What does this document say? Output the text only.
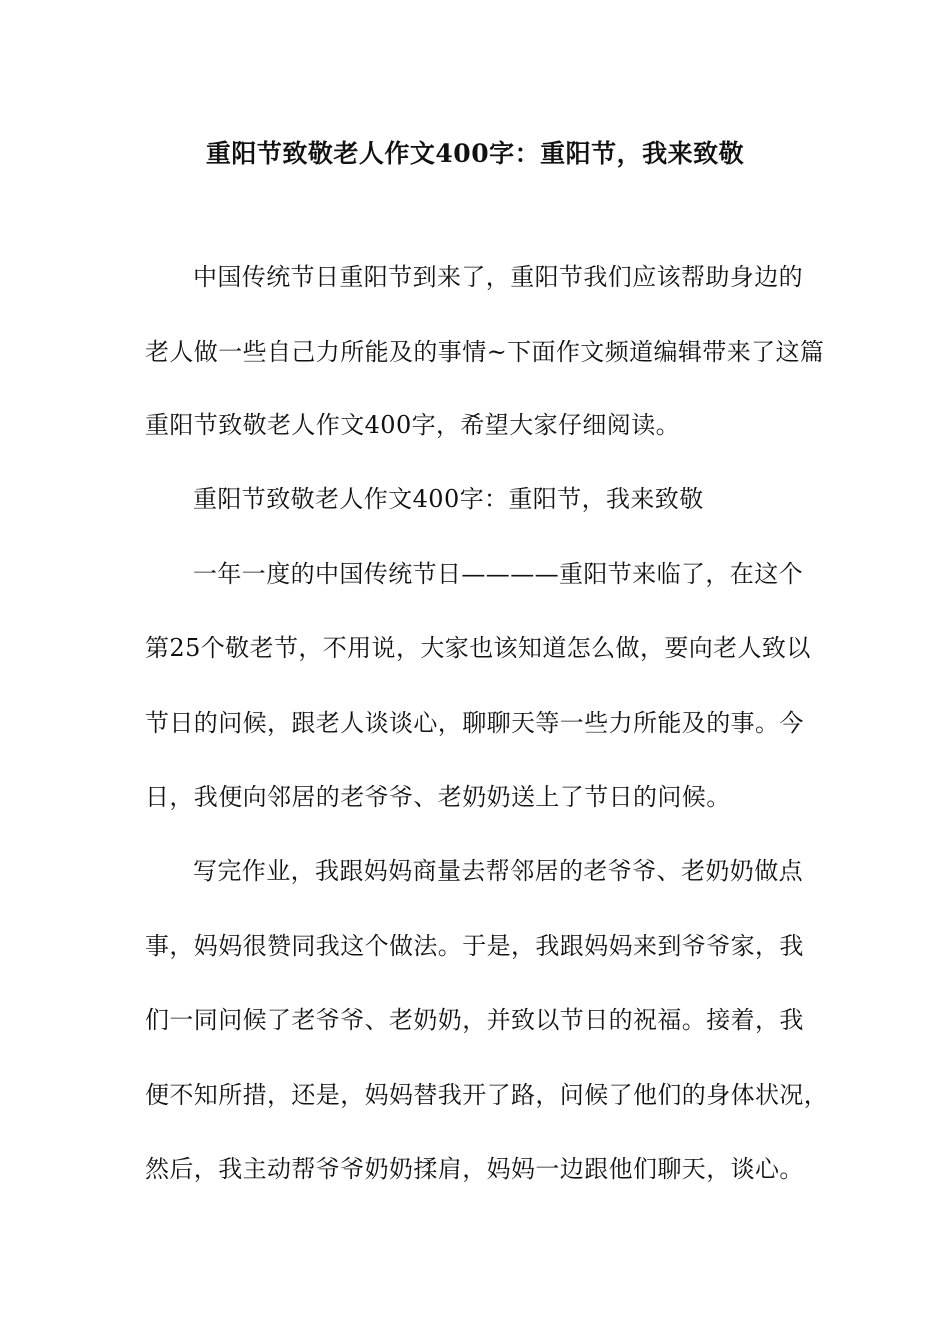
重阳节致敬老人作文400字：重阳节，我来致敬
中国传统节日重阳节到来了，重阳节我们应该帮助身边的
老人做一些自己力所能及的事情~下面作文频道编辑带来了这篇
重阳节致敬老人作文400字，希望大家仔细阅读。
重阳节致敬老人作文400字：重阳节，我来致敬
一年一度的中国传统节日————重阳节来临了，在这个
第25个敬老节，不用说，大家也该知道怎么做，要向老人致以
节日的问候，跟老人谈谈心，聊聊天等一些力所能及的事。今
日，我便向邻居的老爷爷、老奶奶送上了节日的问候。
写完作业，我跟妈妈商量去帮邻居的老爷爷、老奶奶做点
事，妈妈很赞同我这个做法。于是，我跟妈妈来到爷爷家，我
们一同问候了老爷爷、老奶奶，并致以节日的祝福。接着，我
便不知所措，还是，妈妈替我开了路，问候了他们的身体状况，
然后，我主动帮爷爷奶奶揉肩，妈妈一边跟他们聊天，谈心。
